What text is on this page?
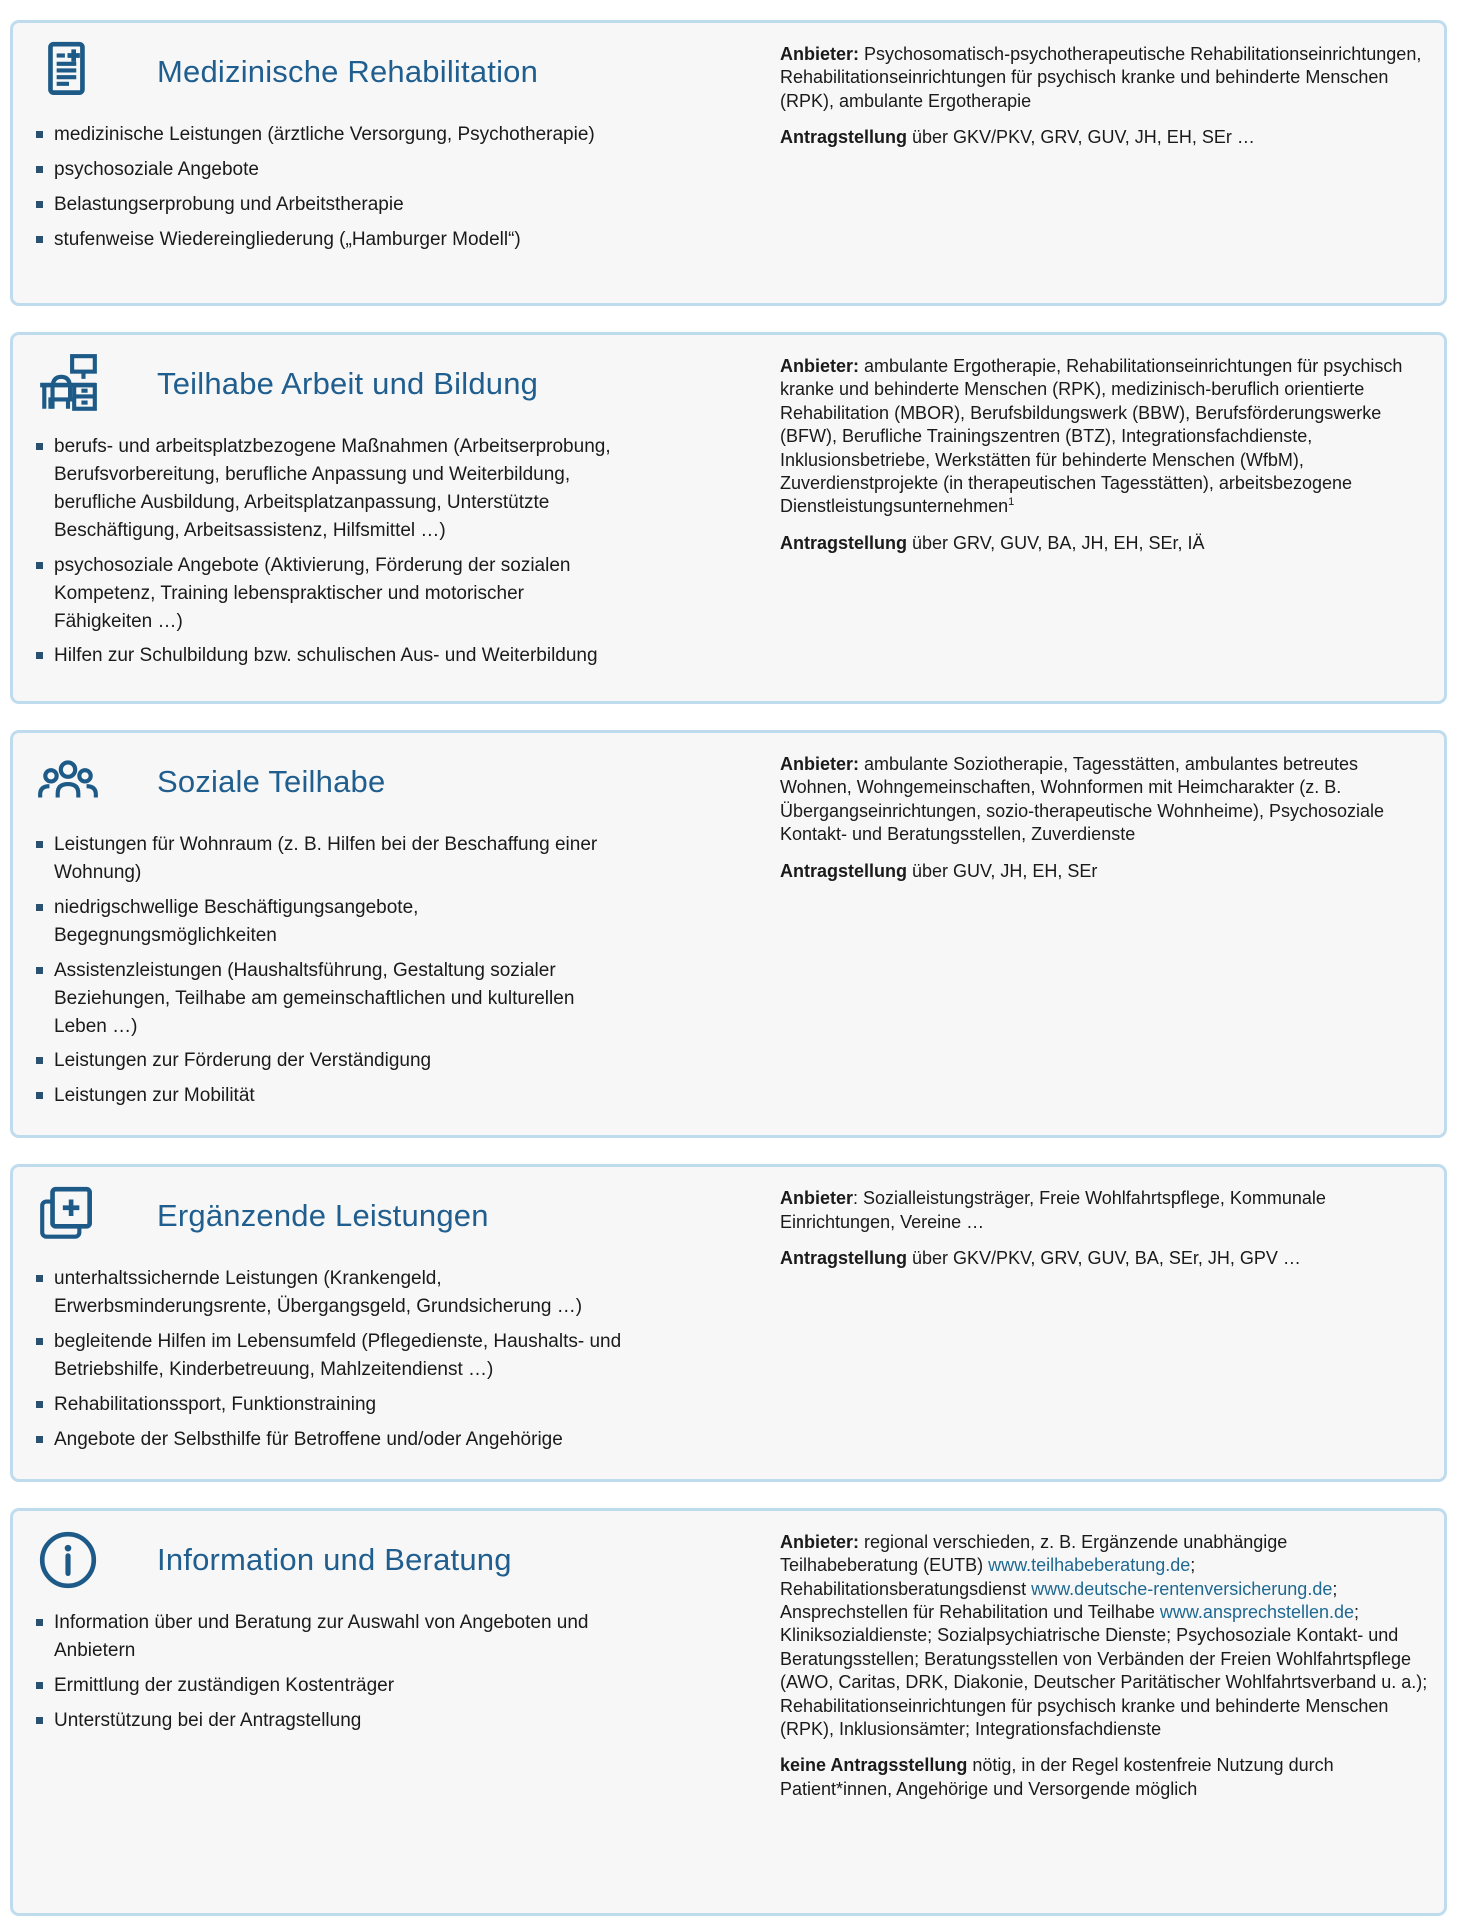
Medizinische Rehabilitation
medizinische Leistungen (ärztliche Versorgung, Psychotherapie)
psychosoziale Angebote
Belastungserprobung und Arbeitstherapie
stufenweise Wiedereingliederung („Hamburger Modell“)

Anbieter: Psychosomatisch-psychotherapeutische Rehabilitationseinrichtungen, Rehabilitationseinrichtungen für psychisch kranke und behinderte Menschen (RPK), ambulante Ergotherapie

Antragstellung über GKV/PKV, GRV, GUV, JH, EH, SEr …

Teilhabe Arbeit und Bildung
berufs- und arbeitsplatzbezogene Maßnahmen (Arbeitserprobung, Berufsvorbereitung, berufliche Anpassung und Weiterbildung, berufliche Ausbildung, Arbeitsplatzanpassung, Unterstützte Beschäftigung, Arbeitsassistenz, Hilfsmittel …)
psychosoziale Angebote (Aktivierung, Förderung der sozialen Kompetenz, Training lebenspraktischer und motorischer Fähigkeiten …)
Hilfen zur Schulbildung bzw. schulischen Aus- und Weiterbildung

Anbieter: ambulante Ergotherapie, Rehabilitationseinrichtungen für psychisch kranke und behinderte Menschen (RPK), medizinisch-beruflich orientierte Rehabilitation (MBOR), Berufsbildungswerk (BBW), Berufsförderungswerke (BFW), Berufliche Trainingszentren (BTZ), Integrationsfachdienste, Inklusionsbetriebe, Werkstätten für behinderte Menschen (WfbM), Zuverdienstprojekte (in therapeutischen Tagesstätten), arbeitsbezogene Dienstleistungsunternehmen$^1$

Antragstellung über GRV, GUV, BA, JH, EH, SEr, IÄ

Soziale Teilhabe
Leistungen für Wohnraum (z. B. Hilfen bei der Beschaffung einer Wohnung)
niedrigschwellige Beschäftigungsangebote, Begegnungsmöglichkeiten
Assistenzleistungen (Haushaltsführung, Gestaltung sozialer Beziehungen, Teilhabe am gemeinschaftlichen und kulturellen Leben …)
Leistungen zur Förderung der Verständigung
Leistungen zur Mobilität

Anbieter: ambulante Soziotherapie, Tagesstätten, ambulantes betreutes Wohnen, Wohngemeinschaften, Wohnformen mit Heimcharakter (z. B. Übergangseinrichtungen, sozio-therapeutische Wohnheime), Psychosoziale Kontakt- und Beratungsstellen, Zuverdienste

Antragstellung über GUV, JH, EH, SEr

Ergänzende Leistungen
unterhaltssichernde Leistungen (Krankengeld, Erwerbsminderungsrente, Übergangsgeld, Grundsicherung …)
begleitende Hilfen im Lebensumfeld (Pflegedienste, Haushalts- und Betriebshilfe, Kinderbetreuung, Mahlzeitendienst …)
Rehabilitationssport, Funktionstraining
Angebote der Selbsthilfe für Betroffene und/oder Angehörige

Anbieter: Sozialleistungsträger, Freie Wohlfahrtspflege, Kommunale Einrichtungen, Vereine …

Antragstellung über GKV/PKV, GRV, GUV, BA, SEr, JH, GPV …

Information und Beratung
Information über und Beratung zur Auswahl von Angeboten und Anbietern
Ermittlung der zuständigen Kostenträger
Unterstützung bei der Antragstellung

Anbieter: regional verschieden, z. B. Ergänzende unabhängige Teilhabeberatung (EUTB) www.teilhabeberatung.de; Rehabilitationsberatungsdienst www.deutsche-rentenversicherung.de; Ansprechstellen für Rehabilitation und Teilhabe www.ansprechstellen.de; Kliniksozialdienste; Sozialpsychiatrische Dienste; Psychosoziale Kontakt- und Beratungsstellen; Beratungsstellen von Verbänden der Freien Wohlfahrtspflege (AWO, Caritas, DRK, Diakonie, Deutscher Paritätischer Wohlfahrtsverband u. a.); Rehabilitationseinrichtungen für psychisch kranke und behinderte Menschen (RPK), Inklusionsämter; Integrationsfachdienste

keine Antragsstellung nötig, in der Regel kostenfreie Nutzung durch Patient*innen, Angehörige und Versorgende möglich
